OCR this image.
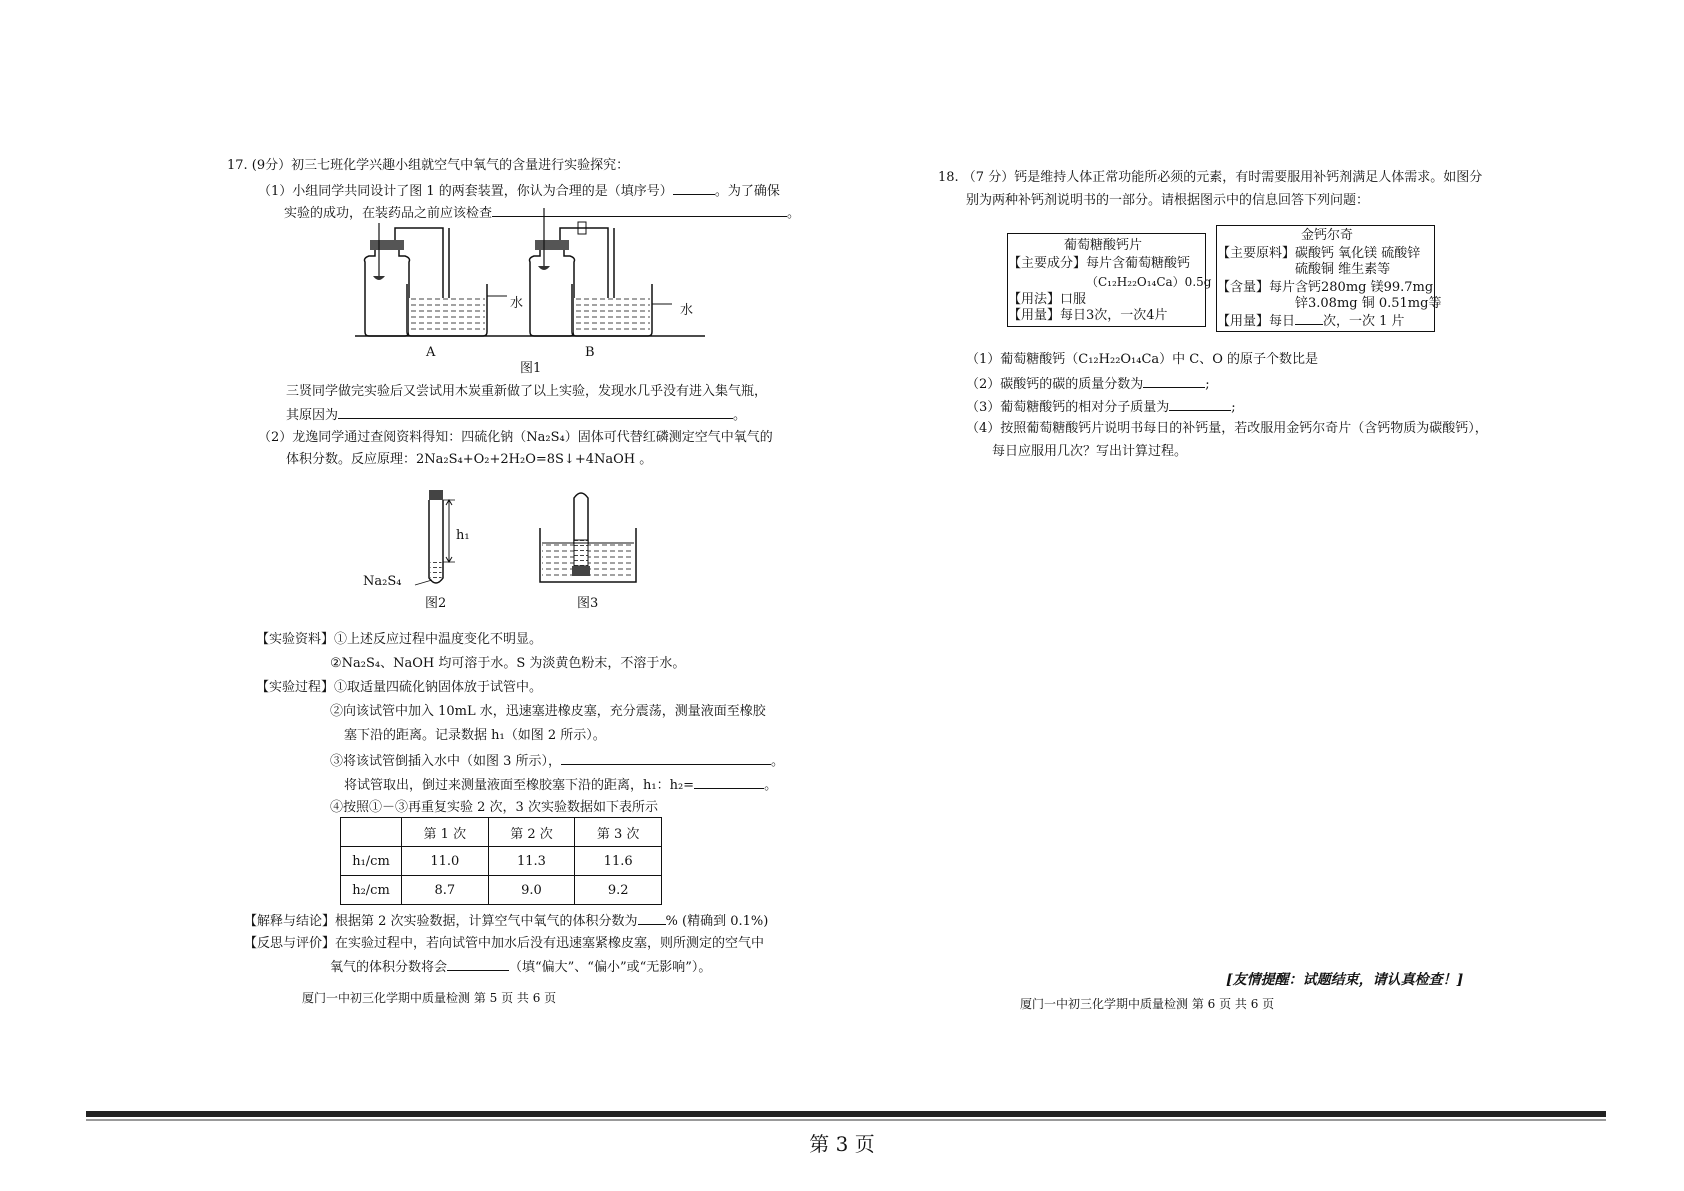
17. (9分）初三七班化学兴趣小组就空气中氧气的含量进行实验探究：
（1）小组同学共同设计了图 1 的两套装置，你认为合理的是（填序号）	。为了确保
实验的成功，在装药品之前应该检查	。
水	水
A	B
图1
三贤同学做完实验后又尝试用木炭重新做了以上实验，发现水几乎没有进入集气瓶，
其原因为	。
（2）龙逸同学通过查阅资料得知：四硫化钠（Na₂S₄）固体可代替红磷测定空气中氧气的
体积分数。反应原理：2Na₂S₄+O₂+2H₂O=8S↓+4NaOH 。
h₁
Na₂S₄
图2	图3
【实验资料】①上述反应过程中温度变化不明显。
②Na₂S₄、NaOH 均可溶于水。S 为淡黄色粉末，不溶于水。
【实验过程】①取适量四硫化钠固体放于试管中。
②向该试管中加入 10mL 水，迅速塞进橡皮塞，充分震荡，测量液面至橡胶
塞下沿的距离。记录数据 h₁（如图 2 所示）。
③将该试管倒插入水中（如图 3 所示），	。
将试管取出，倒过来测量液面至橡胶塞下沿的距离，h₁：h₂=	。
④按照①－③再重复实验 2 次，3 次实验数据如下表所示
	第 1 次	第 2 次	第 3 次
h₁/cm	11.0	11.3	11.6
h₂/cm	8.7	9.0	9.2
【解释与结论】根据第 2 次实验数据，计算空气中氧气的体积分数为 % (精确到 0.1%)
【反思与评价】在实验过程中，若向试管中加水后没有迅速塞紧橡皮塞，则所测定的空气中
氧气的体积分数将会	（填“偏大”、“偏小”或“无影响”）。
厦门一中初三化学期中质量检测 第 5 页 共 6 页
18. （7 分）钙是维持人体正常功能所必须的元素，有时需要服用补钙剂满足人体需求。如图分
别为两种补钙剂说明书的一部分。请根据图示中的信息回答下列问题：
葡萄糖酸钙片
【主要成分】每片含葡萄糖酸钙
（C₁₂H₂₂O₁₄Ca）0.5g
【用法】口服
【用量】每日3次，一次4片
金钙尔奇
【主要原料】碳酸钙 氧化镁 硫酸锌
硫酸铜 维生素等
【含量】每片含钙280mg 镁99.7mg
锌3.08mg 铜 0.51mg等
【用量】每日 次，一次 1 片
（1）葡萄糖酸钙（C₁₂H₂₂O₁₄Ca）中 C、O 的原子个数比是
（2）碳酸钙的碳的质量分数为	;
（3）葡萄糖酸钙的相对分子质量为	;
（4）按照葡萄糖酸钙片说明书每日的补钙量，若改服用金钙尔奇片（含钙物质为碳酸钙），
每日应服用几次？写出计算过程。
[友情提醒：试题结束，请认真检查！]
厦门一中初三化学期中质量检测 第 6 页 共 6 页
第 3 页
